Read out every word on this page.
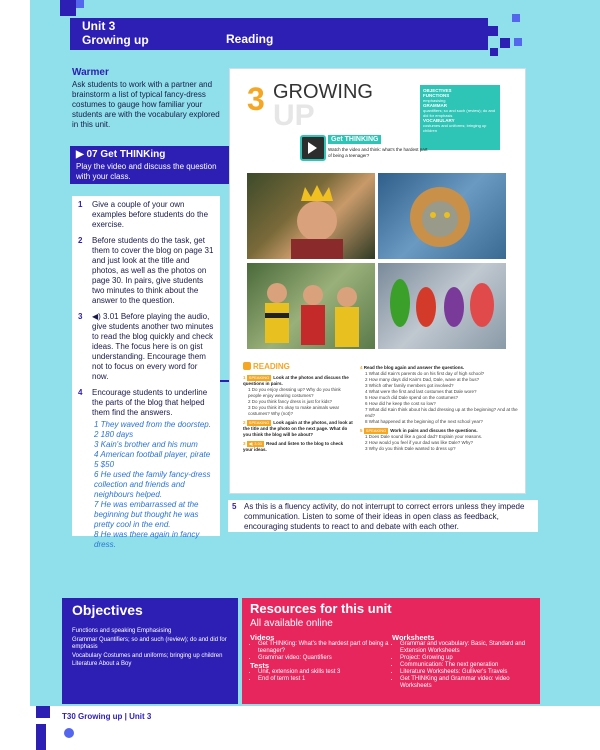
Unit 3
Growing up	Reading
Warmer
Ask students to work with a partner and brainstorm a list of typical fancy-dress costumes to gauge how familiar your students are with the vocabulary explored in this unit.
▶ 07 Get THINKing
Play the video and discuss the question with your class.
1 Give a couple of your own examples before students do the exercise.
2 Before students do the task, get them to cover the blog on page 31 and just look at the title and photos, as well as the photos on page 30. In pairs, give students two minutes to think about the answer to the question.
3 ◀) 3.01 Before playing the audio, give students another two minutes to read the blog quickly and check ideas. The focus here is on gist understanding. Encourage them not to focus on every word for now.
4 Encourage students to underline the parts of the blog that helped them find the answers.
1 They waved from the doorstep.
2 180 days
3 Kain's brother and his mum
4 American football player, pirate
5 $50
6 He used the family fancy-dress collection and friends and neighbours helped.
7 He was embarrassed at the beginning but thought he was pretty cool in the end.
8 He was there again in fancy dress.
3 GROWING
UP
OBJECTIVES
FUNCTIONS
emphasising
GRAMMAR
quantifiers; so and such (review); do and did for emphasis
VOCABULARY
costumes and uniforms; bringing up children
Get THINKING
Watch the video and think: what's the hardest part of being a teenager?
READING
1 SPEAKING Look at the photos and discuss the questions in pairs.
1 Do you enjoy dressing up? Why do you think people enjoy wearing costumes?
2 Do you think fancy dress is just for kids?
3 Do you think it's okay to make animals wear costumes? Why (not)?
2 SPEAKING Look again at the photos, and look at the title and the photo on the next page. What do you think the blog will be about?
3 ◀) 3.01 Read and listen to the blog to check your ideas.
4 Read the blog again and answer the questions.
1 What did Kain's parents do on his first day of high school?
2 How many days did Kain's Dad, Dale, wave at the bus?
3 Which other family members got involved?
4 What were the first and last costumes that Dale wore?
5 How much did Dale spend on the costumes?
6 How did he keep the cost so low?
7 What did Kain think about his dad dressing up at the beginning? And at the end?
8 What happened at the beginning of the next school year?
5 SPEAKING Work in pairs and discuss the questions.
1 Does Dale sound like a good dad? Explain your reasons.
2 How would you feel if your dad was like Dale? Why?
3 Why do you think Dale wanted to dress up?
5 As this is a fluency activity, do not interrupt to correct errors unless they impede communication. Listen to some of their ideas in open class as feedback, encouraging students to react to and debate with each other.
Objectives
Functions and speaking Emphasising
Grammar Quantifiers; so and such (review); do and did for emphasis
Vocabulary Costumes and uniforms; bringing up children
Literature About a Boy
Resources for this unit
All available online
Videos
• Get THINKing: What's the hardest part of being a teenager?
• Grammar video: Quantifiers
Tests
• Unit, extension and skills test 3
• End of term test 1
Worksheets
• Grammar and vocabulary: Basic, Standard and Extension Worksheets
• Project: Growing up
• Communication: The next generation
• Literature Worksheets: Gulliver's Travels
• Get THINKing and Grammar video: video Worksheets
T30 Growing up | Unit 3
